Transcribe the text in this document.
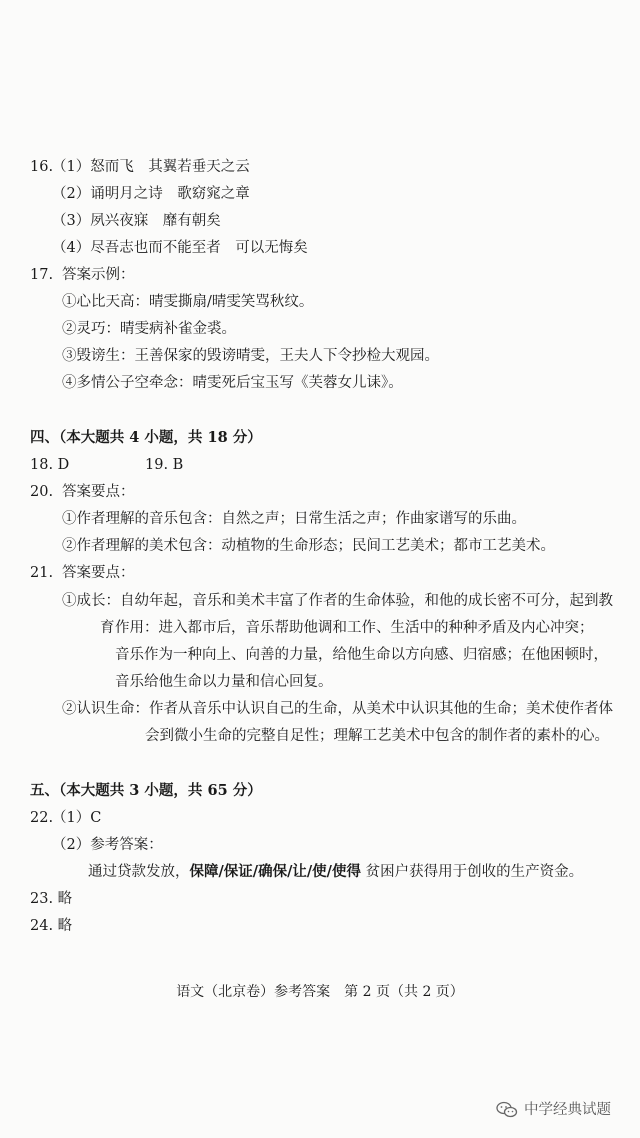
16.
（1）怒而飞　其翼若垂天之云
（2）诵明月之诗　歌窈窕之章
（3）夙兴夜寐　靡有朝矣
（4）尽吾志也而不能至者　可以无悔矣
17. 答案示例：
①心比天高：晴雯撕扇/晴雯笑骂秋纹。
②灵巧：晴雯病补雀金裘。
③毁谤生：王善保家的毁谤晴雯，王夫人下令抄检大观园。
④多情公子空牵念：晴雯死后宝玉写《芙蓉女儿诔》。
四、（本大题共 4 小题，共 18 分）
18. D	19. B
20. 答案要点：
①作者理解的音乐包含：自然之声；日常生活之声；作曲家谱写的乐曲。
②作者理解的美术包含：动植物的生命形态；民间工艺美术；都市工艺美术。
21. 答案要点：
①成长：自幼年起，音乐和美术丰富了作者的生命体验，和他的成长密不可分，起到教
育 作用：进入都市后，音乐帮助他调和工作、生活中的种种矛盾及内心冲突；
音乐作为一种向上、向善的力量，给他生命以方向感、归宿感；在他困顿时，
音乐给他生命以力量和信心回复。
②认识生命：作者从音乐中认识自己的生命，从美术中认识其他的生命；美术使作者体
会到微小生命的完整自足性；理解工艺美术中包含的制作者的素朴的心。
五、（本大题共 3 小题，共 65 分）
22.
（1）C
（2）参考答案：
通过贷款发放，保障/保证/确保/让/使/使得 贫困户获得用于创收的生产资金。
23. 略
24. 略
语文（北京卷）参考答案　第 2 页（共 2 页）
中学经典试题
